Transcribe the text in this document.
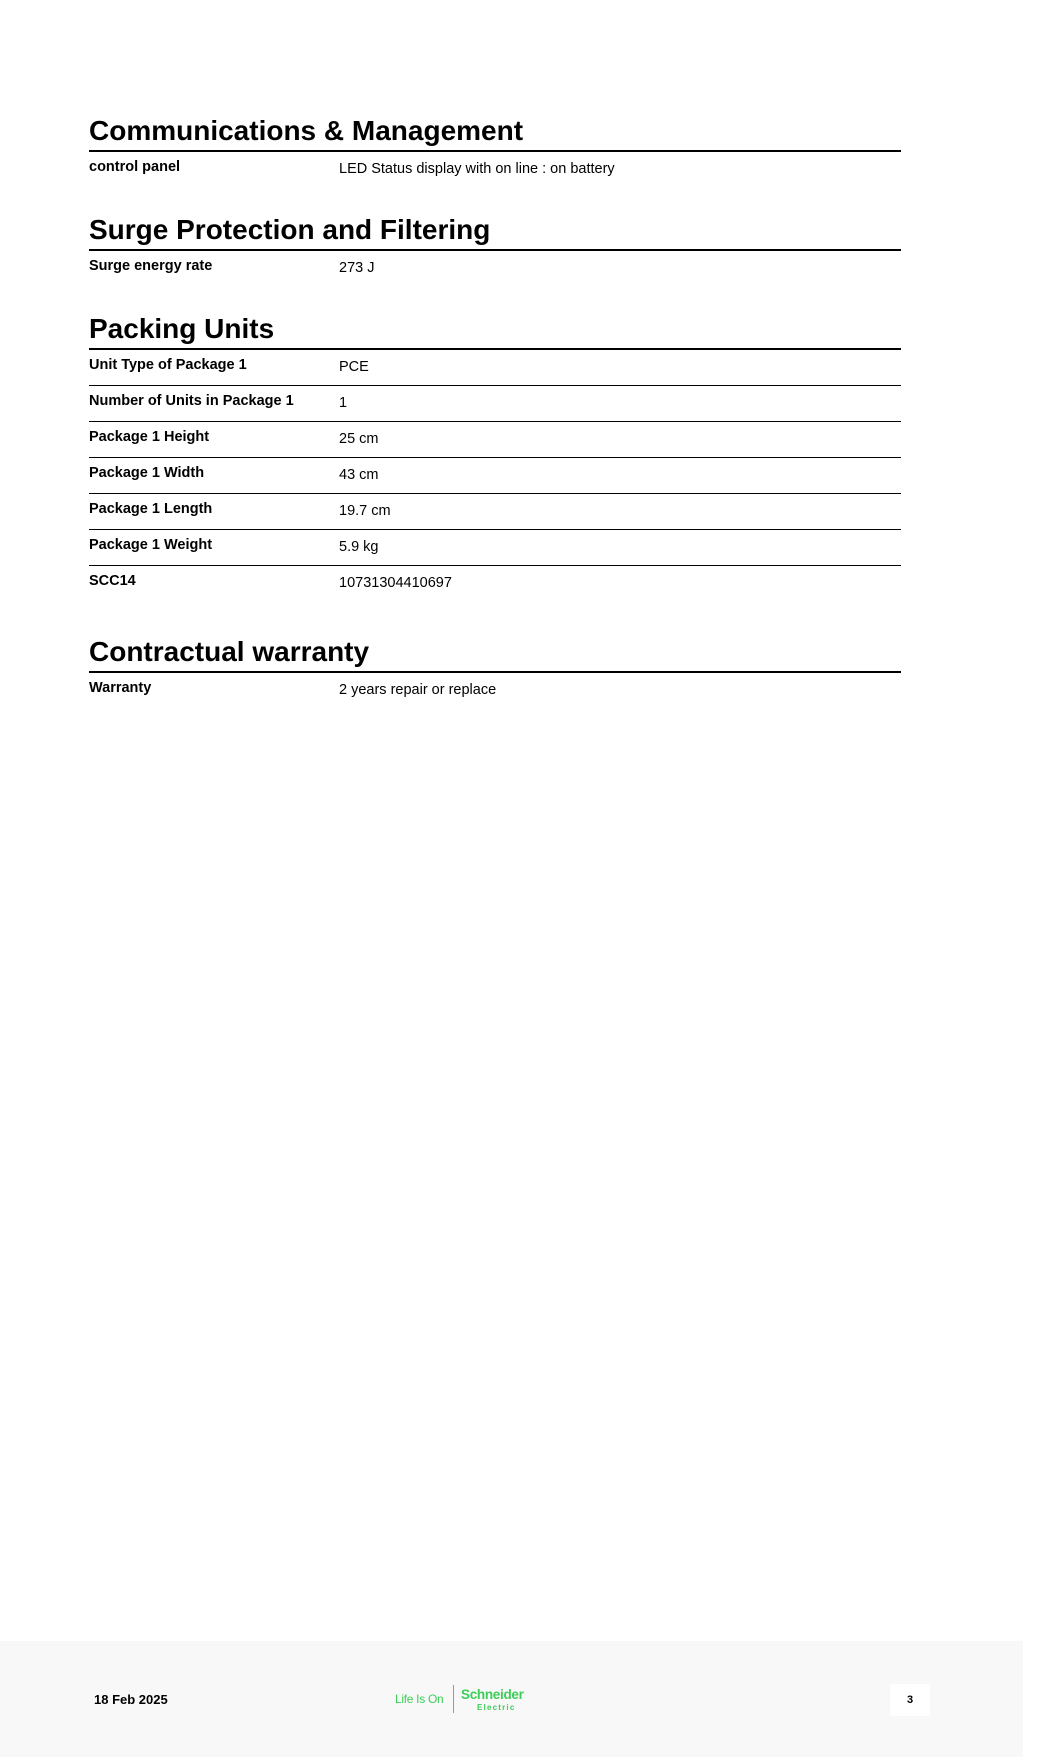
Communications & Management
control panel	LED Status display with on line : on battery
Surge Protection and Filtering
Surge energy rate	273 J
Packing Units
Unit Type of Package 1	PCE
Number of Units in Package 1	1
Package 1 Height	25 cm
Package 1 Width	43 cm
Package 1 Length	19.7 cm
Package 1 Weight	5.9 kg
SCC14	10731304410697
Contractual warranty
Warranty	2 years repair or replace
18 Feb 2025	Life Is On Schneider
Electric
3
